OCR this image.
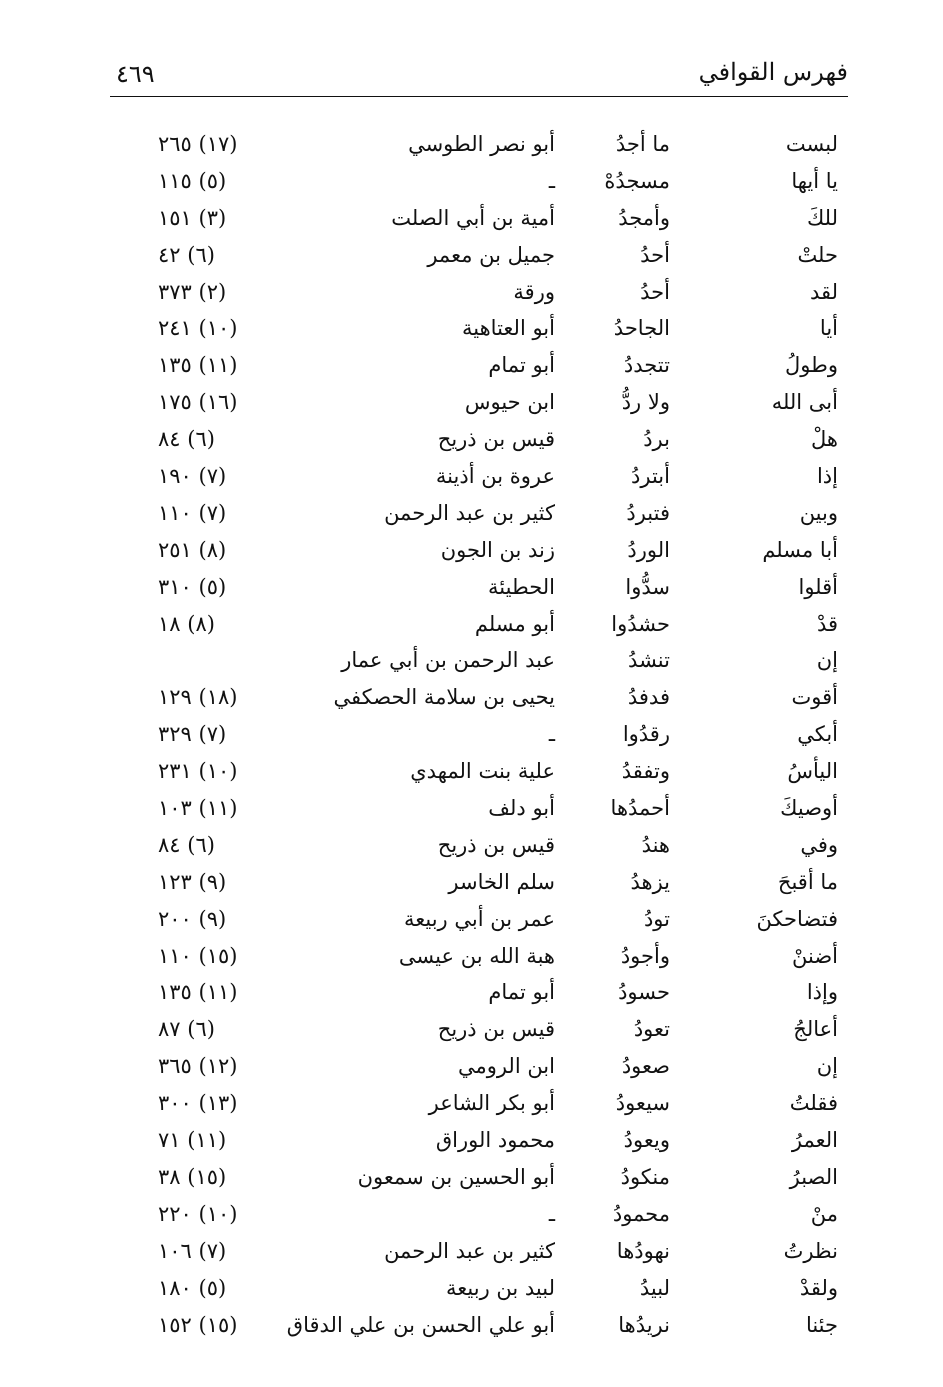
فهرس القوافي
٤٦٩
لبست
ما أجدُ
أبو نصر الطوسي
(١٧) ٢٦٥
يا أيها
مسجدُهْ
ـ
(٥) ١١٥
للكَ
وأمجدُ
أمية بن أبي الصلت
(٣) ١٥١
حلتْ
أحدُ
جميل بن معمر
(٦) ٤٢
لقد
أحدُ
ورقة
(٢) ٣٧٣
أيا
الجاحدُ
أبو العتاهية
(١٠) ٢٤١
وطولُ
تتجددُ
أبو تمام
(١١) ١٣٥
أبى الله
ولا ردُّ
ابن حيوس
(١٦) ١٧٥
هلْ
بردُ
قيس بن ذريح
(٦) ٨٤
إذا
أبتردُ
عروة بن أذينة
(٧) ١٩٠
وبين
فتبردُ
كثير بن عبد الرحمن
(٧) ١١٠
أبا مسلم
الوردُ
زند بن الجون
(٨) ٢٥١
أقلوا
سدُّوا
الحطيئة
(٥) ٣١٠
قدْ
حشدُوا
أبو مسلم
(٨) ١٨
إن
تنشدُ
عبد الرحمن بن أبي عمار
أقوت
فدفدُ
يحيى بن سلامة الحصكفي
(١٨) ١٢٩
أبكي
رقدُوا
ـ
(٧) ٣٢٩
اليأسُ
وتفقدُ
علية بنت المهدي
(١٠) ٢٣١
أوصيكَ
أحمدُها
أبو دلف
(١١) ١٠٣
وفي
هندُ
قيس بن ذريح
(٦) ٨٤
ما أقبحَ
يزهدُ
سلم الخاسر
(٩) ١٢٣
فتضاحكنَ
تودُ
عمر بن أبي ربيعة
(٩) ٢٠٠
أضننْ
وأجودُ
هبة الله بن عيسى
(١٥) ١١٠
وإذا
حسودُ
أبو تمام
(١١) ١٣٥
أعالجُ
تعودُ
قيس بن ذريح
(٦) ٨٧
إن
صعودُ
ابن الرومي
(١٢) ٣٦٥
فقلتُ
سيعودُ
أبو بكر الشاعر
(١٣) ٣٠٠
العمرُ
ويعودُ
محمود الوراق
(١١) ٧١
الصبرُ
منكودُ
أبو الحسين بن سمعون
(١٥) ٣٨
منْ
محمودُ
ـ
(١٠) ٢٢٠
نظرتُ
نهودُها
كثير بن عبد الرحمن
(٧) ١٠٦
ولقدْ
لبيدُ
لبيد بن ربيعة
(٥) ١٨٠
جئنا
نريدُها
أبو علي الحسن بن علي الدقاق
(١٥) ١٥٢
